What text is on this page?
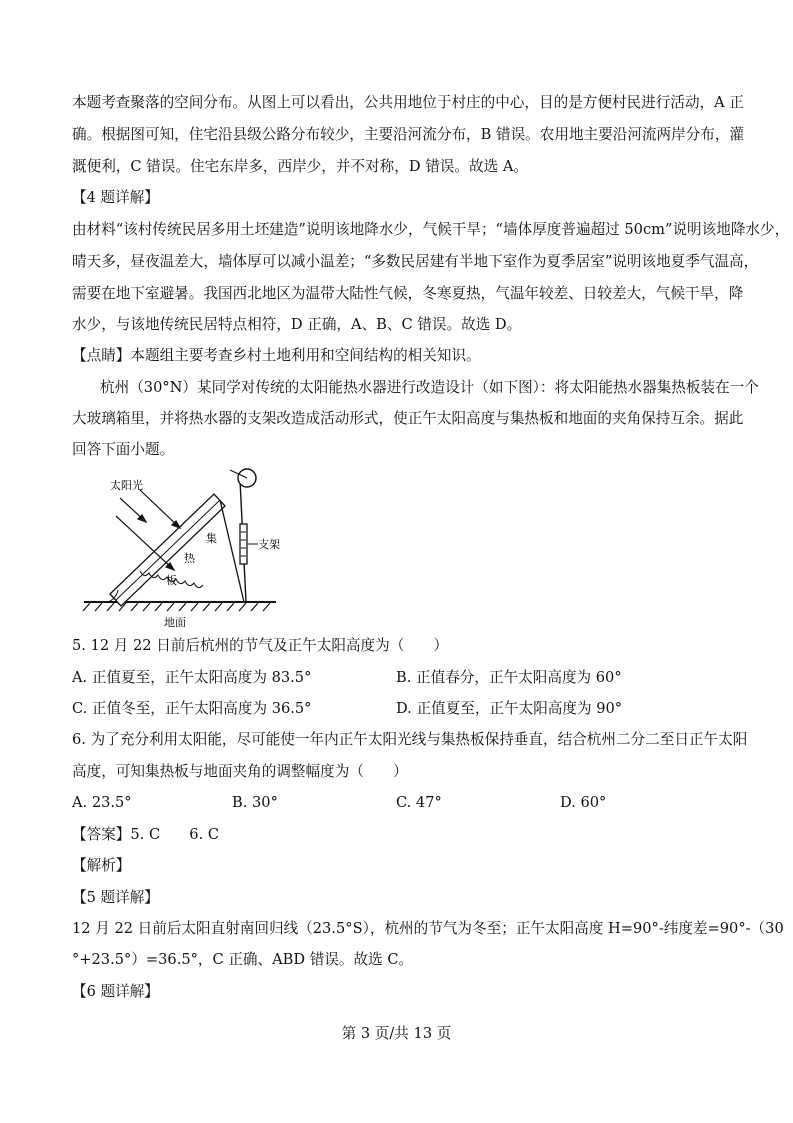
本题考查聚落的空间分布。从图上可以看出，公共用地位于村庄的中心，目的是方便村民进行活动，A 正
确。根据图可知，住宅沿县级公路分布较少，主要沿河流分布，B 错误。农用地主要沿河流两岸分布，灌
溉便利，C 错误。住宅东岸多，西岸少，并不对称，D 错误。故选 A。
【4 题详解】
由材料“该村传统民居多用土坯建造”说明该地降水少，气候干旱；“墙体厚度普遍超过 50cm”说明该地降水少，
晴天多，昼夜温差大，墙体厚可以减小温差；“多数民居建有半地下室作为夏季居室”说明该地夏季气温高，
需要在地下室避暑。我国西北地区为温带大陆性气候，冬寒夏热，气温年较差、日较差大，气候干旱，降
水少，与该地传统民居特点相符，D 正确，A、B、C 错误。故选 D。
【点睛】本题组主要考查乡村土地利用和空间结构的相关知识。
杭州（30°N）某同学对传统的太阳能热水器进行改造设计（如下图）：将太阳能热水器集热板装在一个
大玻璃箱里，并将热水器的支架改造成活动形式，使正午太阳高度与集热板和地面的夹角保持互余。据此
回答下面小题。
太阳光
集
热
板
支架
地面
5. 12 月 22 日前后杭州的节气及正午太阳高度为（　　）
A. 正值夏至，正午太阳高度为 83.5°	B. 正值春分，正午太阳高度为 60°
C. 正值冬至，正午太阳高度为 36.5°	D. 正值夏至，正午太阳高度为 90°
6. 为了充分利用太阳能，尽可能使一年内正午太阳光线与集热板保持垂直，结合杭州二分二至日正午太阳
高度，可知集热板与地面夹角的调整幅度为（　　）
A. 23.5°	B. 30°	C. 47°	D. 60°
【答案】5. C　　6. C
【解析】
【5 题详解】
12 月 22 日前后太阳直射南回归线（23.5°S），杭州的节气为冬至；正午太阳高度 H=90°-纬度差=90°-（30
°+23.5°）=36.5°，C 正确、ABD 错误。故选 C。
【6 题详解】
第 3 页/共 13 页
